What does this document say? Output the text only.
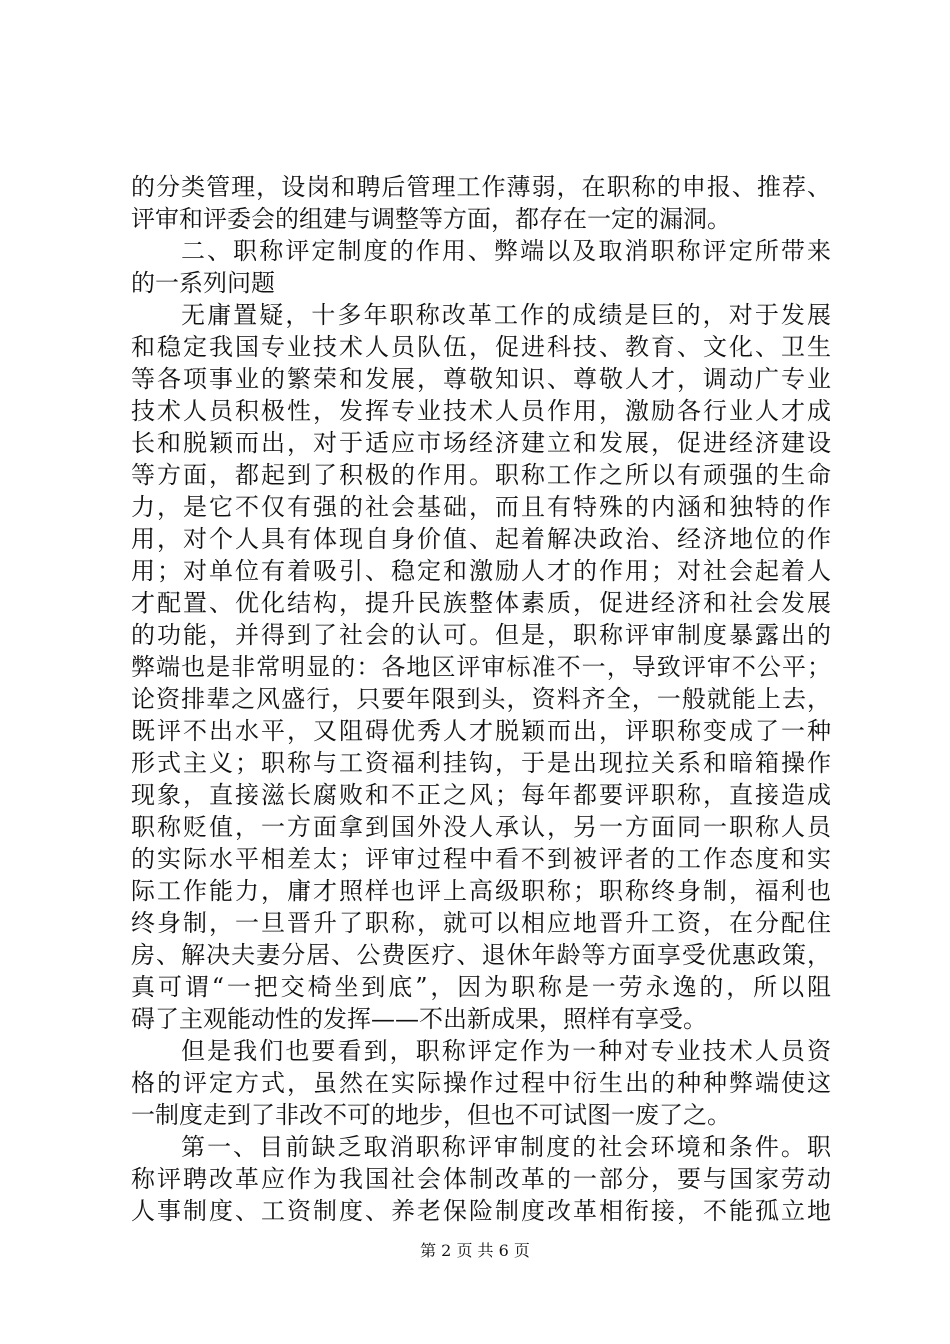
的分类管理，设岗和聘后管理工作薄弱，在职称的申报、推荐、
评审和评委会的组建与调整等方面，都存在一定的漏洞。
二、职称评定制度的作用、弊端以及取消职称评定所带来
的一系列问题
无庸置疑，十多年职称改革工作的成绩是巨的，对于发展
和稳定我国专业技术人员队伍，促进科技、教育、文化、卫生
等各项事业的繁荣和发展，尊敬知识、尊敬人才，调动广专业
技术人员积极性，发挥专业技术人员作用，激励各行业人才成
长和脱颖而出，对于适应市场经济建立和发展，促进经济建设
等方面，都起到了积极的作用。职称工作之所以有顽强的生命
力，是它不仅有强的社会基础，而且有特殊的内涵和独特的作
用，对个人具有体现自身价值、起着解决政治、经济地位的作
用；对单位有着吸引、稳定和激励人才的作用；对社会起着人
才配置、优化结构，提升民族整体素质，促进经济和社会发展
的功能，并得到了社会的认可。但是，职称评审制度暴露出的
弊端也是非常明显的：各地区评审标准不一，导致评审不公平；
论资排辈之风盛行，只要年限到头，资料齐全，一般就能上去，
既评不出水平，又阻碍优秀人才脱颖而出，评职称变成了一种
形式主义；职称与工资福利挂钩，于是出现拉关系和暗箱操作
现象，直接滋长腐败和不正之风；每年都要评职称，直接造成
职称贬值，一方面拿到国外没人承认，另一方面同一职称人员
的实际水平相差太；评审过程中看不到被评者的工作态度和实
际工作能力，庸才照样也评上高级职称；职称终身制，福利也
终身制，一旦晋升了职称，就可以相应地晋升工资，在分配住
房、解决夫妻分居、公费医疗、退休年龄等方面享受优惠政策，
真可谓“一把交椅坐到底”，因为职称是一劳永逸的，所以阻
碍了主观能动性的发挥——不出新成果，照样有享受。
但是我们也要看到，职称评定作为一种对专业技术人员资
格的评定方式，虽然在实际操作过程中衍生出的种种弊端使这
一制度走到了非改不可的地步，但也不可试图一废了之。
第一、目前缺乏取消职称评审制度的社会环境和条件。职
称评聘改革应作为我国社会体制改革的一部分，要与国家劳动
人事制度、工资制度、养老保险制度改革相衔接，不能孤立地
第 2 页 共 6 页
